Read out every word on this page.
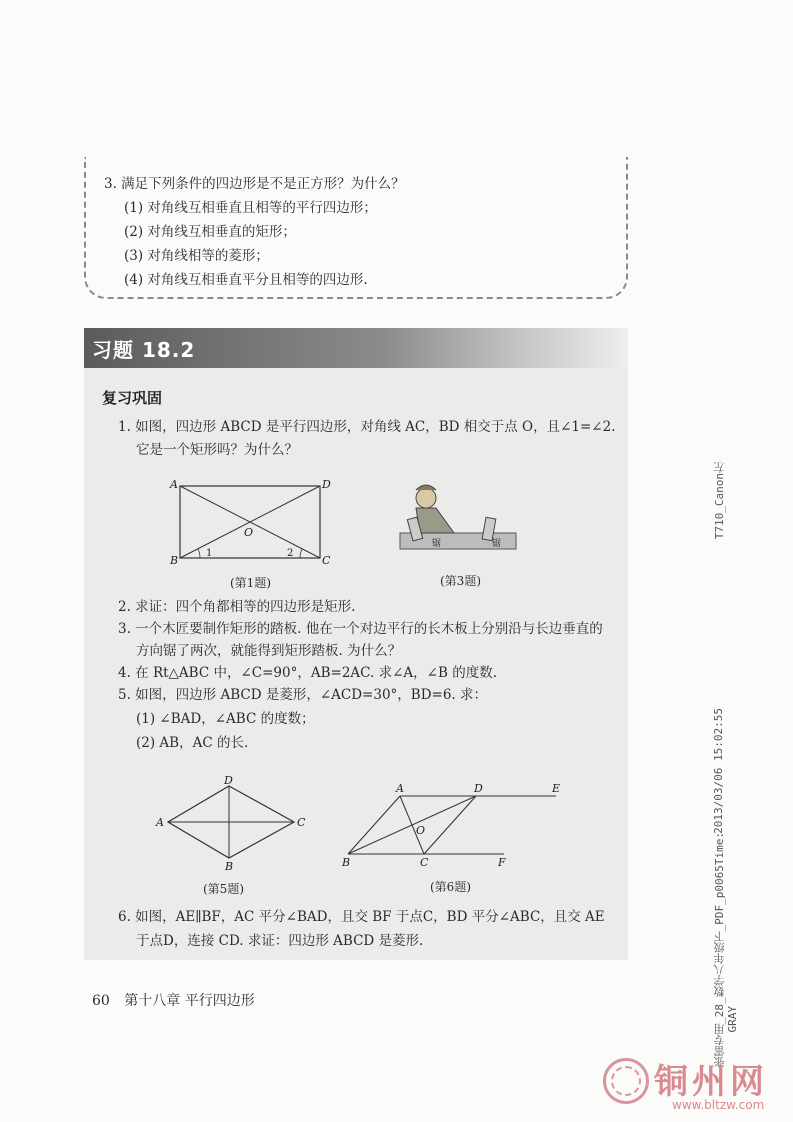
3. 满足下列条件的四边形是不是正方形？为什么？
(1) 对角线互相垂直且相等的平行四边形；
(2) 对角线互相垂直的矩形；
(3) 对角线相等的菱形；
(4) 对角线互相垂直平分且相等的四边形.
习题 18.2
复习巩固
1. 如图，四边形 ABCD 是平行四边形，对角线 AC，BD 相交于点 O，且∠1=∠2.
它是一个矩形吗？为什么？
A	D
B	C
O
1	2
(第1题)
锯	锯
(第3题)
2. 求证：四个角都相等的四边形是矩形.
3. 一个木匠要制作矩形的踏板. 他在一个对边平行的长木板上分别沿与长边垂直的
方向锯了两次，就能得到矩形踏板. 为什么？
4. 在 Rt△ABC 中，∠C=90°，AB=2AC. 求∠A，∠B 的度数.
5. 如图，四边形 ABCD 是菱形，∠ACD=30°，BD=6. 求：
(1) ∠BAD，∠ABC 的度数；
(2) AB，AC 的长.
D
A	C
B
(第5题)
A	D	E
B	C	F
O
(第6题)
6. 如图，AE∥BF，AC 平分∠BAD，且交 BF 于点C，BD 平分∠ABC，且交 AE
于点D，连接 CD. 求证：四边形 ABCD 是菱形.
60 第十八章 平行四边形
T710_Canon左
2013/03/06 15:02:55
张雷专用_28_数学八年级下_PDF_p0065Time: GRAY
铜州网
www.bltzw.com
